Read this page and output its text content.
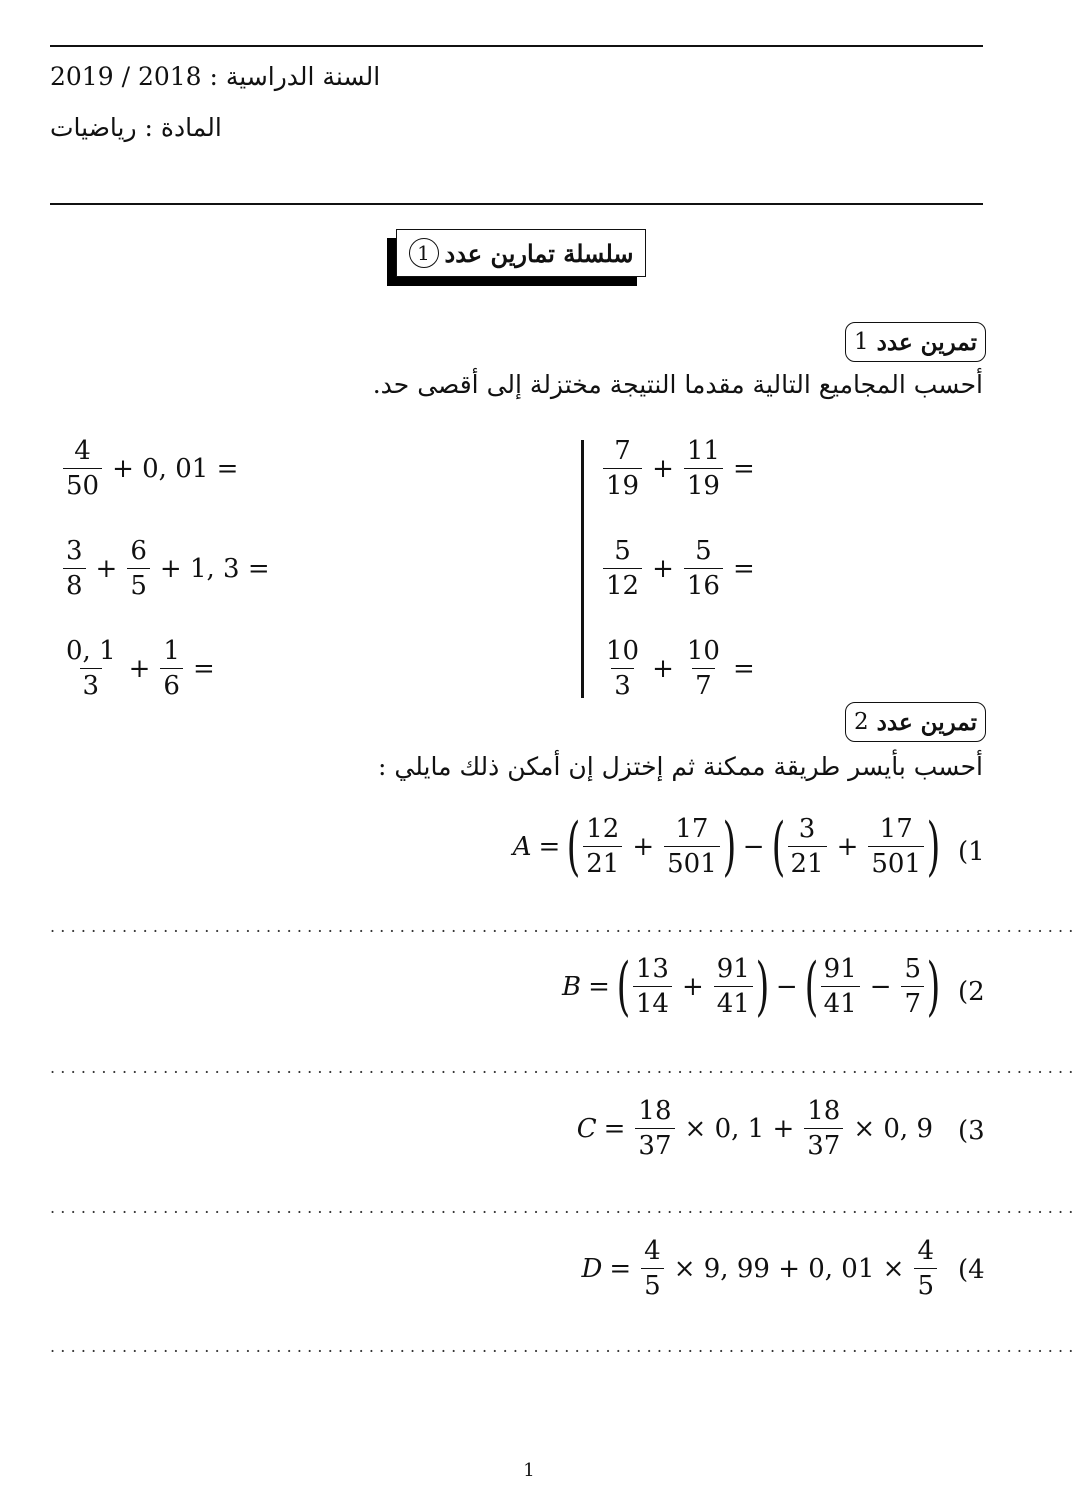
2019 / 2018 السنة الدراسية :
رياضيات المادة :
سلسلة تمارين عدد
1
تمرين عدد
1
أحسب المجاميع التالية مقدما النتيجة مختزلة إلى أقصى حد.
$\frac{4}{50} + 0$, 01 =
$\frac{3}{8} + \frac{6}{5} + 1$, 3 =
$\frac{0, 1}{3} + \frac{1}{6}$ =
$\frac{7}{19} + \frac{11}{19}$ =
$\frac{5}{12} + \frac{5}{16}$ =
$\frac{10}{3} + \frac{10}{7}$ =
تمرين عدد
2
أحسب بأيسر طريقة ممكنة ثم إختزل إن أمكن ذلك مايلي :
A = ( $\frac{12}{21} + \frac{17}{501}$ ) − ( $\frac{3}{21} + \frac{17}{501}$ ) (1
....................................................................................................
B = ( $\frac{13}{14} + \frac{91}{41}$ ) − ( $\frac{91}{41} - \frac{5}{7}$ ) (2
....................................................................................................
$C = \frac{18}{37} \times 0$, $1 + \frac{18}{37} \times 0$, 9 (3
....................................................................................................
$D = \frac{4}{5} \times 9$, 99 + 0, $01 \times \frac{4}{5} (4$
....................................................................................................
1
